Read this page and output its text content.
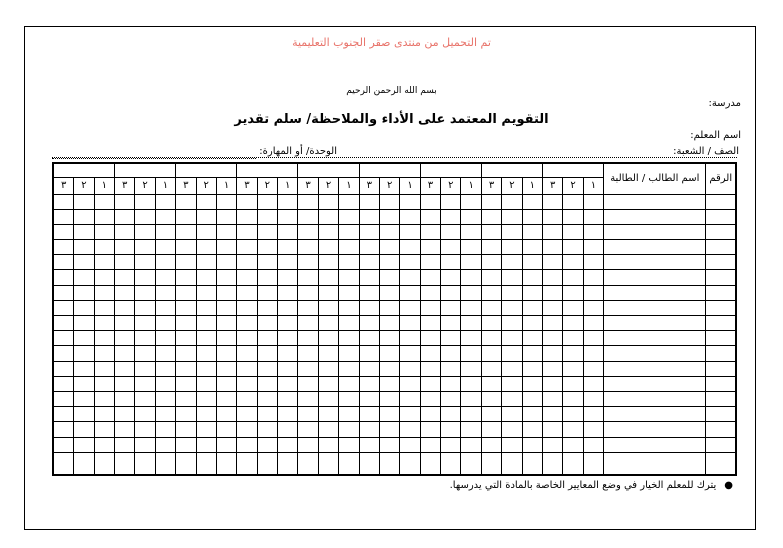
تم التحميل من منتدى صقر الجنوب التعليمية
بسم الله الرحمن الرحيم
مدرسة:
التقويم المعتمد على الأداء والملاحظة/ سلم تقدير
اسم المعلم:
الصف / الشعبة:
الوحدة/ أو المهارة:
الرقم	اسم الطالب / الطالبة																											
		١	٢	٣	١	٢	٣	١	٢	٣	١	٢	٣	١	٢	٣	١	٢	٣	١	٢	٣	١	٢	٣	١	٢	٣

●يترك للمعلم الخيار في وضع المعايير الخاصة بالمادة التي يدرسها.
